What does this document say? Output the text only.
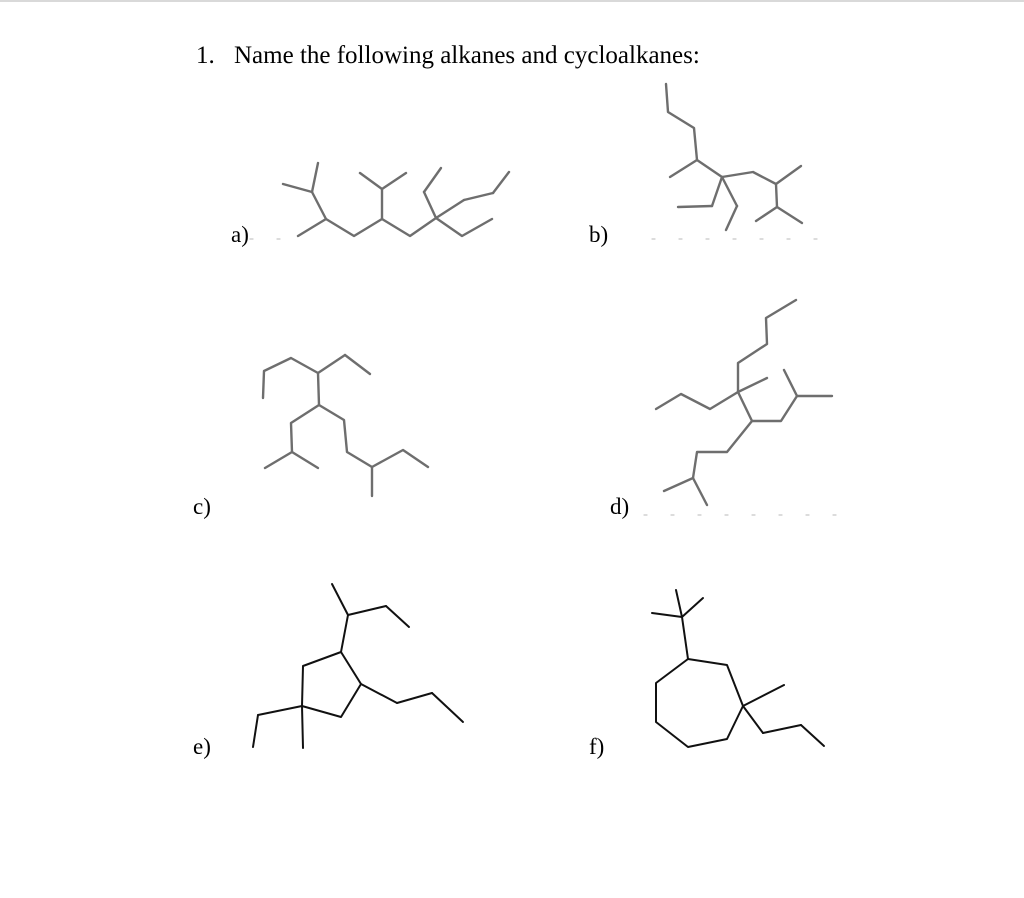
1. Name the following alkanes and cycloalkanes:
a)	b)
c)	d)
e)	f)
